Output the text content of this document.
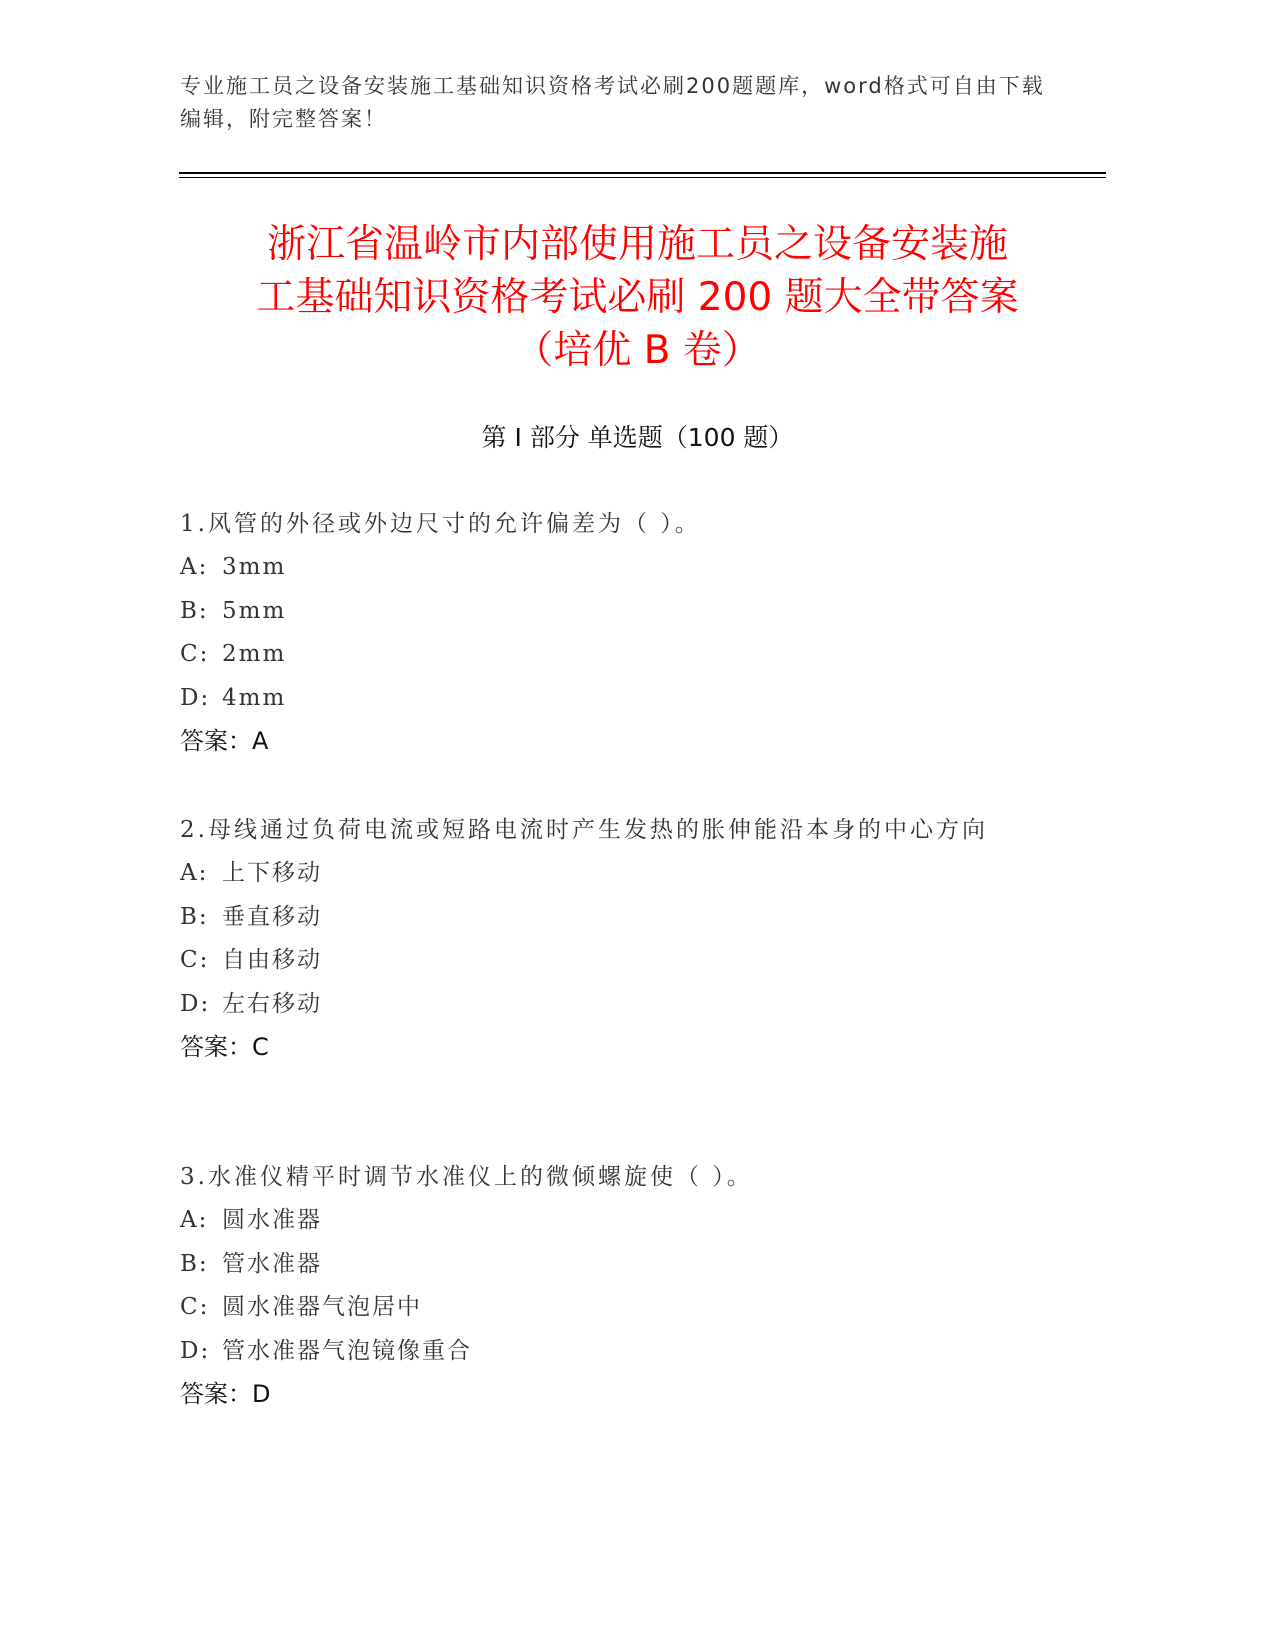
专业施工员之设备安装施工基础知识资格考试必刷200题题库，word格式可自由下载编辑，附完整答案！
浙江省温岭市内部使用施工员之设备安装施
工基础知识资格考试必刷 200 题大全带答案
（培优 B 卷）
第 I 部分 单选题（100 题）
1.风管的外径或外边尺寸的允许偏差为（ ）。
A: 3mm
B: 5mm
C: 2mm
D: 4mm
答案：A
2.母线通过负荷电流或短路电流时产生发热的胀伸能沿本身的中心方向
A: 上下移动
B: 垂直移动
C: 自由移动
D: 左右移动
答案：C
3.水准仪精平时调节水准仪上的微倾螺旋使（ ）。
A: 圆水准器
B: 管水准器
C: 圆水准器气泡居中
D: 管水准器气泡镜像重合
答案：D
